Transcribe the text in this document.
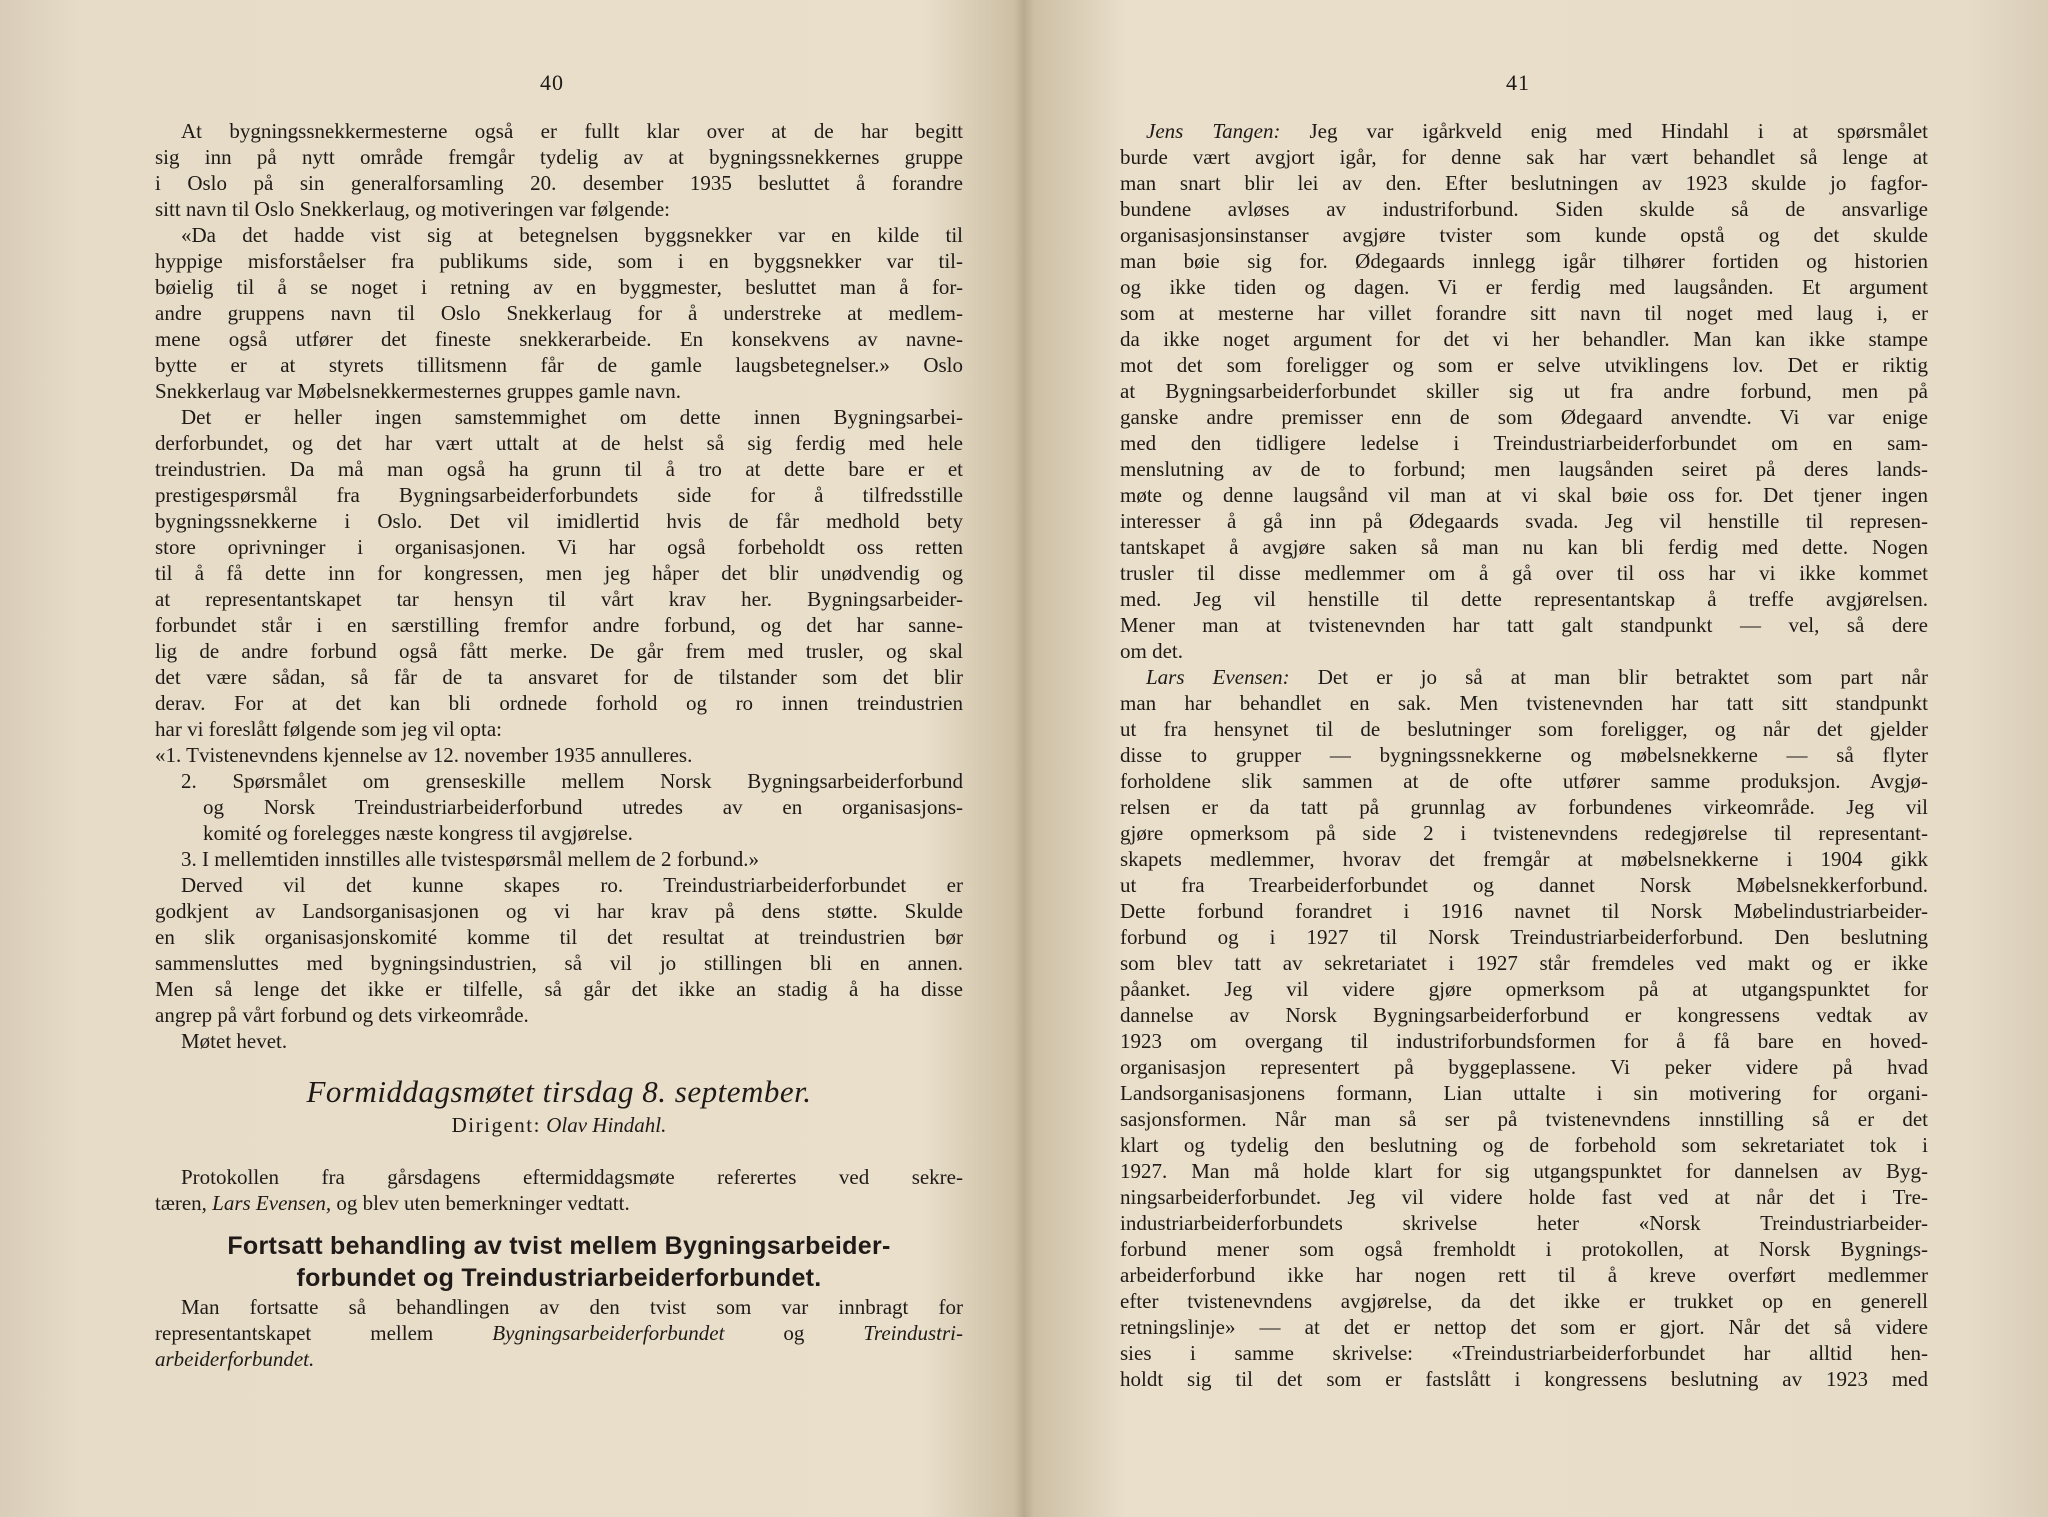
40
At bygningssnekkermesterne også er fullt klar over at de har begitt
sig inn på nytt område fremgår tydelig av at bygningssnekkernes gruppe
i Oslo på sin generalforsamling 20. desember 1935 besluttet å forandre
sitt navn til Oslo Snekkerlaug, og motiveringen var følgende:
«Da det hadde vist sig at betegnelsen byggsnekker var en kilde til
hyppige misforståelser fra publikums side, som i en byggsnekker var til-
bøielig til å se noget i retning av en byggmester, besluttet man å for-
andre gruppens navn til Oslo Snekkerlaug for å understreke at medlem-
mene også utfører det fineste snekkerarbeide. En konsekvens av navne-
bytte er at styrets tillitsmenn får de gamle laugsbetegnelser.» Oslo
Snekkerlaug var Møbelsnekkermesternes gruppes gamle navn.
Det er heller ingen samstemmighet om dette innen Bygningsarbei-
derforbundet, og det har vært uttalt at de helst så sig ferdig med hele
treindustrien. Da må man også ha grunn til å tro at dette bare er et
prestigespørsmål fra Bygningsarbeiderforbundets side for å tilfredsstille
bygningssnekkerne i Oslo. Det vil imidlertid hvis de får medhold bety
store oprivninger i organisasjonen. Vi har også forbeholdt oss retten
til å få dette inn for kongressen, men jeg håper det blir unødvendig og
at representantskapet tar hensyn til vårt krav her. Bygningsarbeider-
forbundet står i en særstilling fremfor andre forbund, og det har sanne-
lig de andre forbund også fått merke. De går frem med trusler, og skal
det være sådan, så får de ta ansvaret for de tilstander som det blir
derav. For at det kan bli ordnede forhold og ro innen treindustrien
har vi foreslått følgende som jeg vil opta:
«1. Tvistenevndens kjennelse av 12. november 1935 annulleres.
2. Spørsmålet om grenseskille mellem Norsk Bygningsarbeiderforbund
og Norsk Treindustriarbeiderforbund utredes av en organisasjons-
komité og forelegges næste kongress til avgjørelse.
3. I mellemtiden innstilles alle tvistespørsmål mellem de 2 forbund.»
Derved vil det kunne skapes ro. Treindustriarbeiderforbundet er
godkjent av Landsorganisasjonen og vi har krav på dens støtte. Skulde
en slik organisasjonskomité komme til det resultat at treindustrien bør
sammensluttes med bygningsindustrien, så vil jo stillingen bli en annen.
Men så lenge det ikke er tilfelle, så går det ikke an stadig å ha disse
angrep på vårt forbund og dets virkeområde.
Møtet hevet.
Formiddagsmøtet tirsdag 8. september.
Dirigent: Olav Hindahl.
Protokollen fra gårsdagens eftermiddagsmøte referertes ved sekre-
tæren, Lars Evensen, og blev uten bemerkninger vedtatt.
Fortsatt behandling av tvist mellem Bygningsarbeider-
forbundet og Treindustriarbeiderforbundet.
Man fortsatte så behandlingen av den tvist som var innbragt for
representantskapet mellem Bygningsarbeiderforbundet og Treindustri-
arbeiderforbundet.
41
Jens Tangen: Jeg var igårkveld enig med Hindahl i at spørsmålet
burde vært avgjort igår, for denne sak har vært behandlet så lenge at
man snart blir lei av den. Efter beslutningen av 1923 skulde jo fagfor-
bundene avløses av industriforbund. Siden skulde så de ansvarlige
organisasjonsinstanser avgjøre tvister som kunde opstå og det skulde
man bøie sig for. Ødegaards innlegg igår tilhører fortiden og historien
og ikke tiden og dagen. Vi er ferdig med laugsånden. Et argument
som at mesterne har villet forandre sitt navn til noget med laug i, er
da ikke noget argument for det vi her behandler. Man kan ikke stampe
mot det som foreligger og som er selve utviklingens lov. Det er riktig
at Bygningsarbeiderforbundet skiller sig ut fra andre forbund, men på
ganske andre premisser enn de som Ødegaard anvendte. Vi var enige
med den tidligere ledelse i Treindustriarbeiderforbundet om en sam-
menslutning av de to forbund; men laugsånden seiret på deres lands-
møte og denne laugsånd vil man at vi skal bøie oss for. Det tjener ingen
interesser å gå inn på Ødegaards svada. Jeg vil henstille til represen-
tantskapet å avgjøre saken så man nu kan bli ferdig med dette. Nogen
trusler til disse medlemmer om å gå over til oss har vi ikke kommet
med. Jeg vil henstille til dette representantskap å treffe avgjørelsen.
Mener man at tvistenevnden har tatt galt standpunkt — vel, så dere
om det.
Lars Evensen: Det er jo så at man blir betraktet som part når
man har behandlet en sak. Men tvistenevnden har tatt sitt standpunkt
ut fra hensynet til de beslutninger som foreligger, og når det gjelder
disse to grupper — bygningssnekkerne og møbelsnekkerne — så flyter
forholdene slik sammen at de ofte utfører samme produksjon. Avgjø-
relsen er da tatt på grunnlag av forbundenes virkeområde. Jeg vil
gjøre opmerksom på side 2 i tvistenevndens redegjørelse til representant-
skapets medlemmer, hvorav det fremgår at møbelsnekkerne i 1904 gikk
ut fra Trearbeiderforbundet og dannet Norsk Møbelsnekkerforbund.
Dette forbund forandret i 1916 navnet til Norsk Møbelindustriarbeider-
forbund og i 1927 til Norsk Treindustriarbeiderforbund. Den beslutning
som blev tatt av sekretariatet i 1927 står fremdeles ved makt og er ikke
påanket. Jeg vil videre gjøre opmerksom på at utgangspunktet for
dannelse av Norsk Bygningsarbeiderforbund er kongressens vedtak av
1923 om overgang til industriforbundsformen for å få bare en hoved-
organisasjon representert på byggeplassene. Vi peker videre på hvad
Landsorganisasjonens formann, Lian uttalte i sin motivering for organi-
sasjonsformen. Når man så ser på tvistenevndens innstilling så er det
klart og tydelig den beslutning og de forbehold som sekretariatet tok i
1927. Man må holde klart for sig utgangspunktet for dannelsen av Byg-
ningsarbeiderforbundet. Jeg vil videre holde fast ved at når det i Tre-
industriarbeiderforbundets skrivelse heter «Norsk Treindustriarbeider-
forbund mener som også fremholdt i protokollen, at Norsk Bygnings-
arbeiderforbund ikke har nogen rett til å kreve overført medlemmer
efter tvistenevndens avgjørelse, da det ikke er trukket op en generell
retningslinje» — at det er nettop det som er gjort. Når det så videre
sies i samme skrivelse: «Treindustriarbeiderforbundet har alltid hen-
holdt sig til det som er fastslått i kongressens beslutning av 1923 med
